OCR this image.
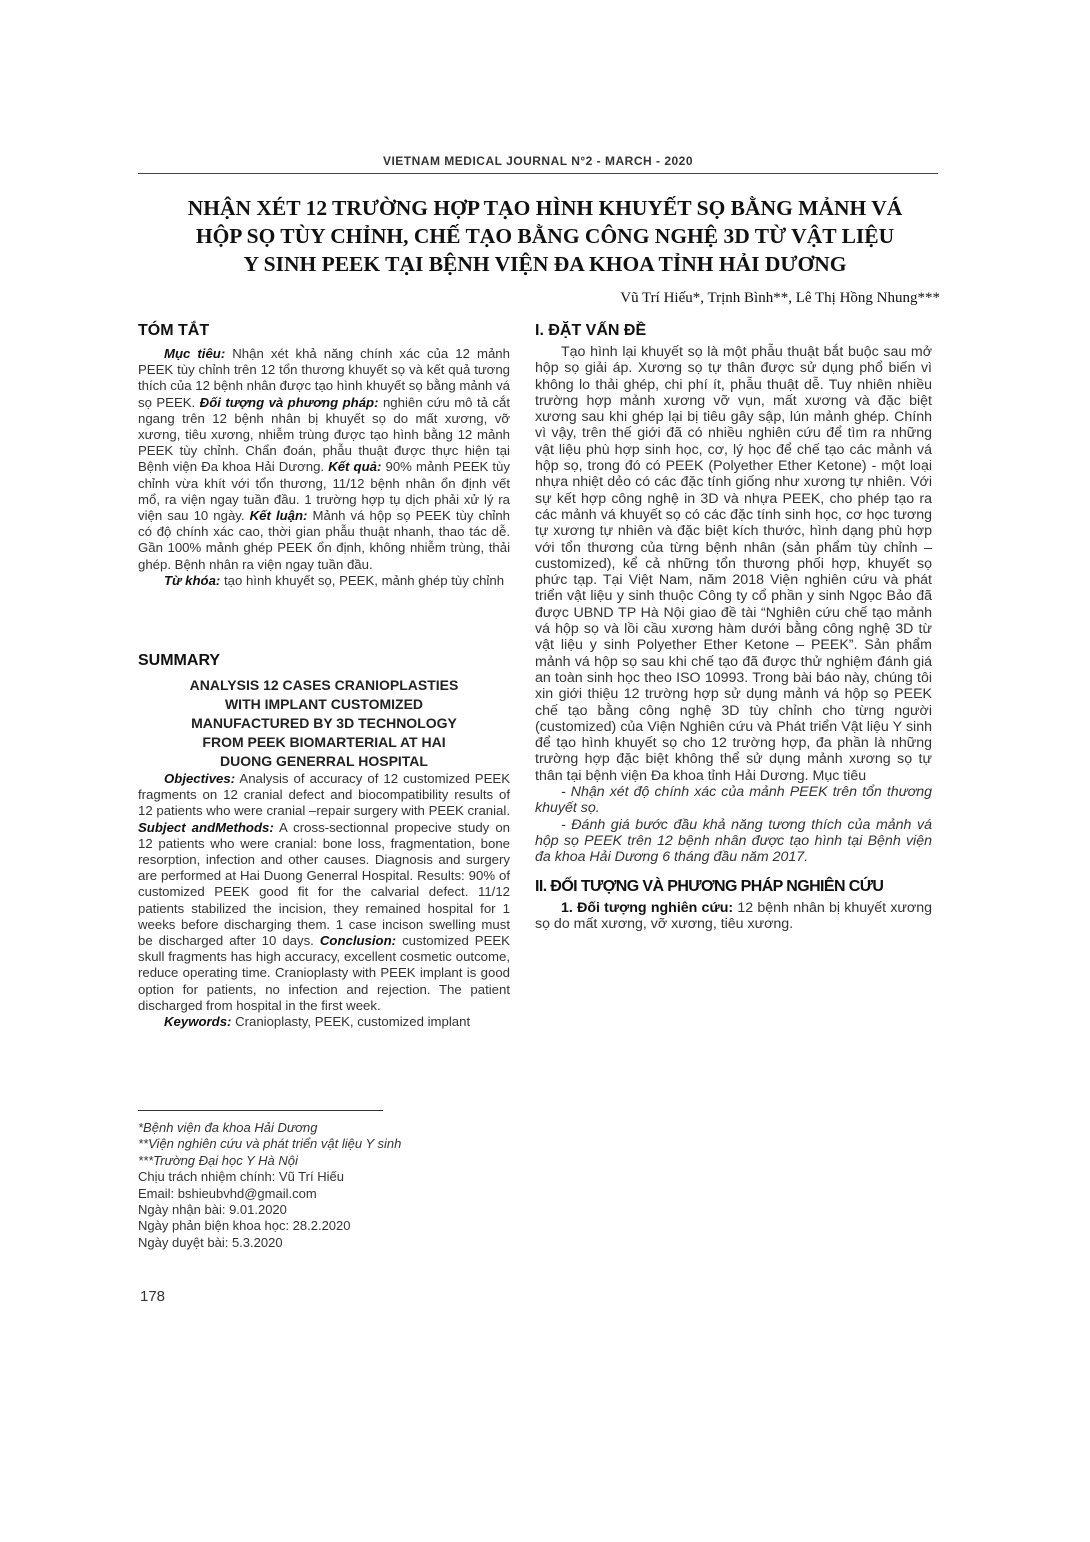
VIETNAM MEDICAL JOURNAL N°2 - MARCH - 2020
NHẬN XÉT 12 TRƯỜNG HỢP TẠO HÌNH KHUYẾT SỌ BẰNG MẢNH VÁ
HỘP SỌ TÙY CHỈNH, CHẾ TẠO BẰNG CÔNG NGHỆ 3D TỪ VẬT LIỆU
Y SINH PEEK TẠI BỆNH VIỆN ĐA KHOA TỈNH HẢI DƯƠNG
Vũ Trí Hiếu*, Trịnh Bình**, Lê Thị Hồng Nhung***
TÓM TẮT

Mục tiêu: Nhận xét khả năng chính xác của 12 mảnh PEEK tùy chỉnh trên 12 tổn thương khuyết sọ và kết quả tương thích của 12 bệnh nhân được tạo hình khuyết sọ bằng mảnh vá sọ PEEK. Đối tượng và phương pháp: nghiên cứu mô tả cắt ngang trên 12 bệnh nhân bị khuyết sọ do mất xương, vỡ xương, tiêu xương, nhiễm trùng được tạo hình bằng 12 mảnh PEEK tùy chỉnh. Chẩn đoán, phẫu thuật được thực hiện tại Bệnh viện Đa khoa Hải Dương. Kết quả: 90% mảnh PEEK tùy chỉnh vừa khít với tổn thương, 11/12 bệnh nhân ổn định vết mổ, ra viện ngay tuần đầu. 1 trường hợp tụ dịch phải xử lý ra viện sau 10 ngày. Kết luận: Mảnh vá hộp sọ PEEK tùy chỉnh có độ chính xác cao, thời gian phẫu thuật nhanh, thao tác dễ. Gần 100% mảnh ghép PEEK ổn định, không nhiễm trùng, thải ghép. Bệnh nhân ra viện ngay tuần đầu.

Từ khóa: tạo hình khuyết sọ, PEEK, mảnh ghép tùy chỉnh

SUMMARY
ANALYSIS 12 CASES CRANIOPLASTIES
WITH IMPLANT CUSTOMIZED
MANUFACTURED BY 3D TECHNOLOGY
FROM PEEK BIOMARTERIAL AT HAI
DUONG GENERRAL HOSPITAL

Objectives: Analysis of accuracy of 12 customized PEEK fragments on 12 cranial defect and biocompatibility results of 12 patients who were cranial –repair surgery with PEEK cranial. Subject andMethods: A cross-sectionnal propecive study on 12 patients who were cranial: bone loss, fragmentation, bone resorption, infection and other causes. Diagnosis and surgery are performed at Hai Duong Generral Hospital. Results: 90% of customized PEEK good fit for the calvarial defect. 11/12 patients stabilized the incision, they remained hospital for 1 weeks before discharging them. 1 case incison swelling must be discharged after 10 days. Conclusion: customized PEEK skull fragments has high accuracy, excellent cosmetic outcome, reduce operating time. Cranioplasty with PEEK implant is good option for patients, no infection and rejection. The patient discharged from hospital in the first week.

Keywords: Cranioplasty, PEEK, customized implant

*Bệnh viện đa khoa Hải Dương
**Viện nghiên cứu và phát triển vật liệu Y sinh
***Trường Đại học Y Hà Nội
Chịu trách nhiệm chính: Vũ Trí Hiếu
Email: bshieubvhd@gmail.com
Ngày nhận bài: 9.01.2020
Ngày phản biện khoa học: 28.2.2020
Ngày duyệt bài: 5.3.2020
178
I. ĐẶT VẤN ĐỀ

Tạo hình lại khuyết sọ là một phẫu thuật bắt buộc sau mở hộp sọ giải áp. Xương sọ tự thân được sử dụng phổ biến vì không lo thải ghép, chi phí ít, phẫu thuật dễ. Tuy nhiên nhiều trường hợp mảnh xương vỡ vụn, mất xương và đặc biệt xương sau khi ghép lại bị tiêu gây sập, lún mảnh ghép. Chính vì vậy, trên thế giới đã có nhiều nghiên cứu để tìm ra những vật liệu phù hợp sinh học, cơ, lý học để chế tạo các mảnh vá hộp sọ, trong đó có PEEK (Polyether Ether Ketone) - một loại nhựa nhiệt dẻo có các đặc tính giống như xương tự nhiên. Với sự kết hợp công nghệ in 3D và nhựa PEEK, cho phép tạo ra các mảnh vá khuyết sọ có các đặc tính sinh học, cơ học tương tự xương tự nhiên và đặc biệt kích thước, hình dạng phù hợp với tổn thương của từng bệnh nhân (sản phẩm tùy chỉnh – customized), kể cả những tổn thương phối hợp, khuyết sọ phức tạp. Tại Việt Nam, năm 2018 Viện nghiên cứu và phát triển vật liệu y sinh thuộc Công ty cổ phần y sinh Ngọc Bảo đã được UBND TP Hà Nội giao đề tài “Nghiên cứu chế tạo mảnh vá hộp sọ và lồi cầu xương hàm dưới bằng công nghệ 3D từ vật liệu y sinh Polyether Ether Ketone – PEEK”. Sản phẩm mảnh vá hộp sọ sau khi chế tạo đã được thử nghiệm đánh giá an toàn sinh học theo ISO 10993. Trong bài báo này, chúng tôi xin giới thiệu 12 trường hợp sử dụng mảnh vá hộp sọ PEEK chế tạo bằng công nghệ 3D tùy chỉnh cho từng người (customized) của Viện Nghiên cứu và Phát triển Vật liệu Y sinh để tạo hình khuyết sọ cho 12 trường hợp, đa phần là những trường hợp đặc biệt không thể sử dụng mảnh xương sọ tự thân tại bệnh viện Đa khoa tỉnh Hải Dương. Mục tiêu

- Nhận xét độ chính xác của mảnh PEEK trên tổn thương khuyết sọ.

- Đánh giá bước đầu khả năng tương thích của mảnh vá hộp sọ PEEK trên 12 bệnh nhân được tạo hình tại Bệnh viện đa khoa Hải Dương 6 tháng đầu năm 2017.

II. ĐỐI TƯỢNG VÀ PHƯƠNG PHÁP NGHIÊN CỨU

1. Đối tượng nghiên cứu: 12 bệnh nhân bị khuyết xương sọ do mất xương, vỡ xương, tiêu xương.
